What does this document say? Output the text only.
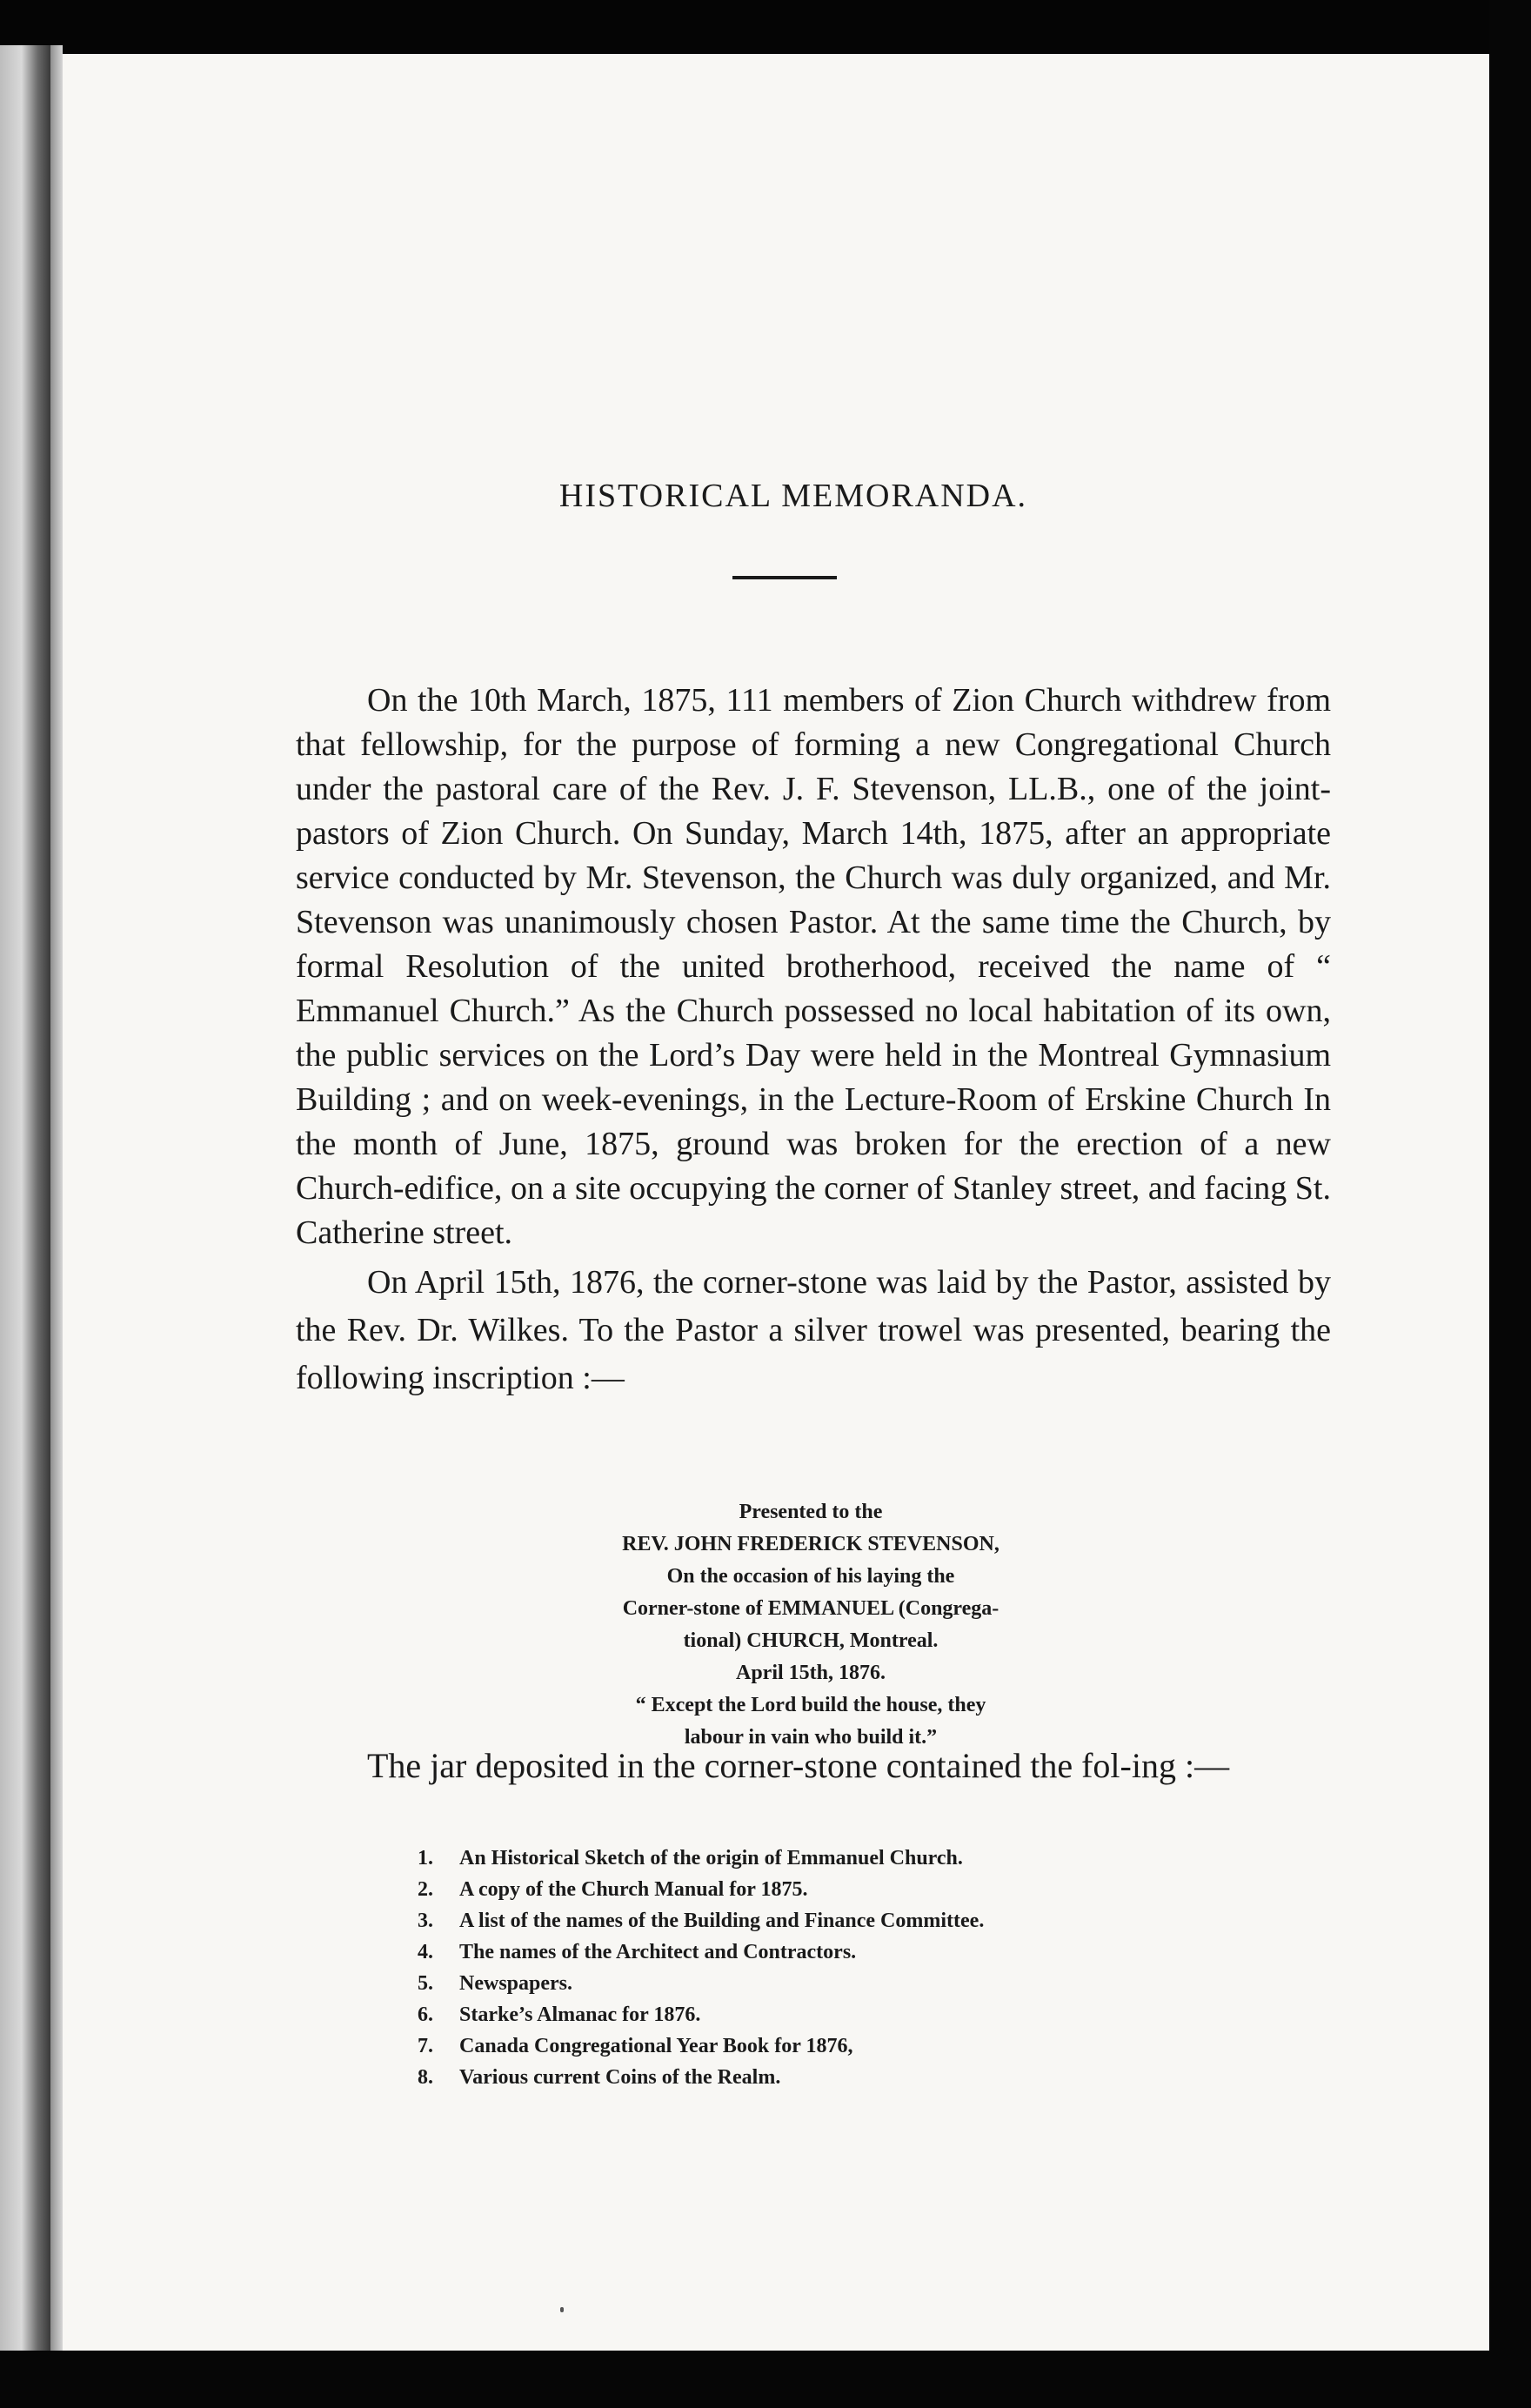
HISTORICAL MEMORANDA.

On the 10th March, 1875, 111 members of Zion Church withdrew from that fellowship, for the purpose of forming a new Congregational Church under the pastoral care of the Rev. J. F. Stevenson, LL.B., one of the joint-pastors of Zion Church. On Sunday, March 14th, 1875, after an appropriate service conducted by Mr. Stevenson, the Church was duly organized, and Mr. Stevenson was unanimously chosen Pastor. At the same time the Church, by formal Resolution of the united brotherhood, received the name of “ Emmanuel Church.” As the Church possessed no local habitation of its own, the public services on the Lord’s Day were held in the Montreal Gymnasium Building ; and on week-evenings, in the Lecture-Room of Erskine Church In the month of June, 1875, ground was broken for the erection of a new Church-edifice, on a site occupying the corner of Stanley street, and facing St. Catherine street.

On April 15th, 1876, the corner-stone was laid by the Pastor, assisted by the Rev. Dr. Wilkes. To the Pastor a silver trowel was presented, bearing the following inscription :—

Presented to the
REV. JOHN FREDERICK STEVENSON,
On the occasion of his laying the
Corner-stone of EMMANUEL (Congrega-
tional) CHURCH, Montreal.
April 15th, 1876.
“ Except the Lord build the house, they
labour in vain who build it.”

The jar deposited in the corner-stone contained the fol-ing :—

1.	An Historical Sketch of the origin of Emmanuel Church.
2.	A copy of the Church Manual for 1875.
3.	A list of the names of the Building and Finance Committee.
4.	The names of the Architect and Contractors.
5.	Newspapers.
6.	Starke’s Almanac for 1876.
7.	Canada Congregational Year Book for 1876,
8.	Various current Coins of the Realm.
